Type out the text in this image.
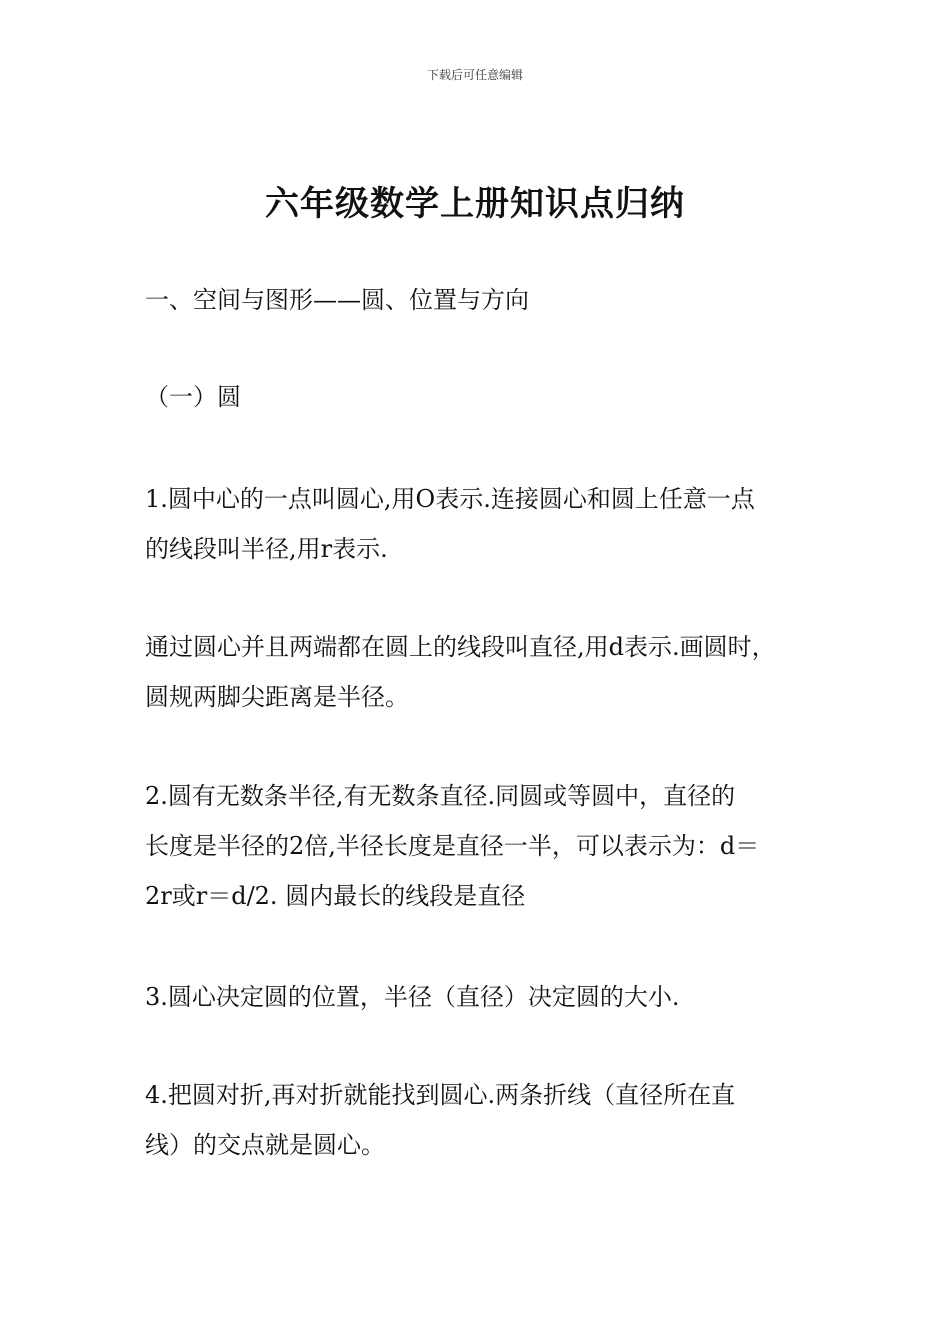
下载后可任意编辑
六年级数学上册知识点归纳
一、空间与图形——圆、位置与方向
（一）圆
1.圆中心的一点叫圆心,用O表示.连接圆心和圆上任意一点
的线段叫半径,用r表示.
通过圆心并且两端都在圆上的线段叫直径,用d表示.画圆时，
圆规两脚尖距离是半径。
2.圆有无数条半径,有无数条直径.同圆或等圆中，直径的
长度是半径的2倍,半径长度是直径一半，可以表示为：d＝
2r或r＝d/2. 圆内最长的线段是直径
3.圆心决定圆的位置，半径（直径）决定圆的大小.
4.把圆对折,再对折就能找到圆心.两条折线（直径所在直
线）的交点就是圆心。
